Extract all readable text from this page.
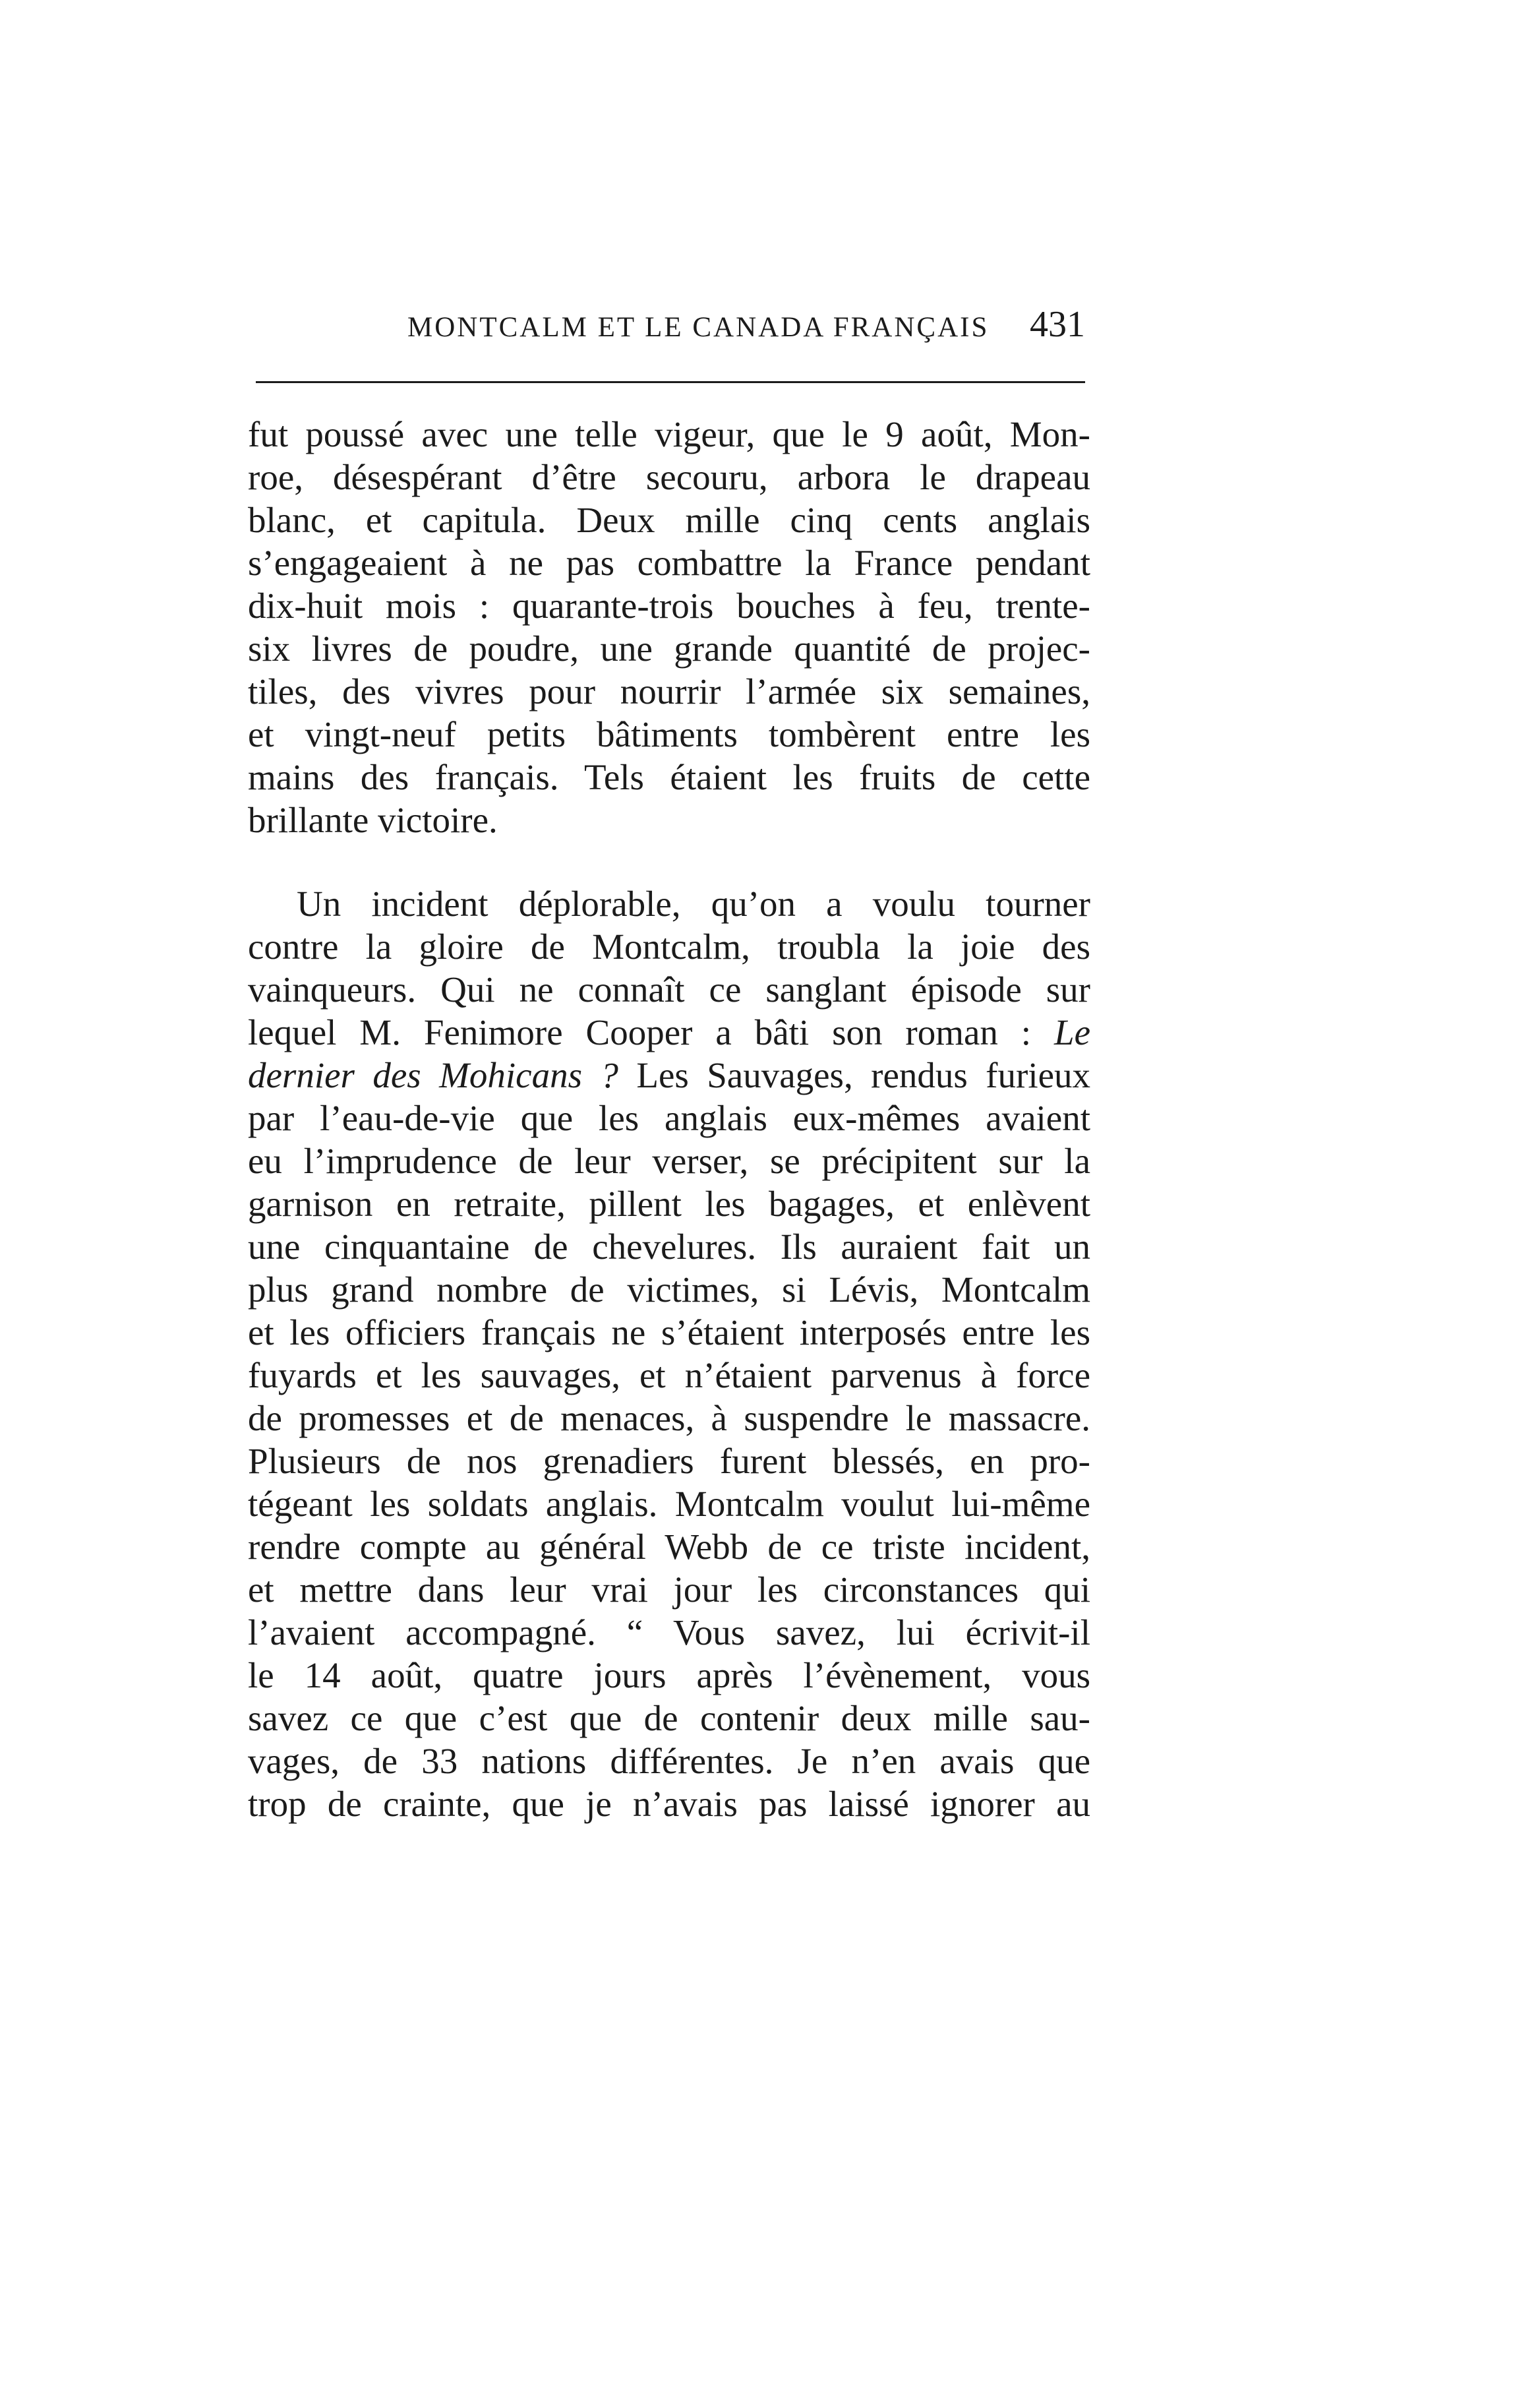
MONTCALM ET LE CANADA FRANÇAIS 431
fut poussé avec une telle vigeur, que le 9 août, Mon-
roe, désespérant d’être secouru, arbora le drapeau
blanc, et capitula. Deux mille cinq cents anglais
s’engageaient à ne pas combattre la France pendant
dix-huit mois : quarante-trois bouches à feu, trente-
six livres de poudre, une grande quantité de projec-
tiles, des vivres pour nourrir l’armée six semaines,
et vingt-neuf petits bâtiments tombèrent entre les
mains des français. Tels étaient les fruits de cette
brillante victoire.
Un incident déplorable, qu’on a voulu tourner
contre la gloire de Montcalm, troubla la joie des
vainqueurs. Qui ne connaît ce sanglant épisode sur
lequel M. Fenimore Cooper a bâti son roman : Le
dernier des Mohicans ? Les Sauvages, rendus furieux
par l’eau-de-vie que les anglais eux-mêmes avaient
eu l’imprudence de leur verser, se précipitent sur la
garnison en retraite, pillent les bagages, et enlèvent
une cinquantaine de chevelures. Ils auraient fait un
plus grand nombre de victimes, si Lévis, Montcalm
et les officiers français ne s’étaient interposés entre les
fuyards et les sauvages, et n’étaient parvenus à force
de promesses et de menaces, à suspendre le massacre.
Plusieurs de nos grenadiers furent blessés, en pro-
tégeant les soldats anglais. Montcalm voulut lui-même
rendre compte au général Webb de ce triste incident,
et mettre dans leur vrai jour les circonstances qui
l’avaient accompagné. “ Vous savez, lui écrivit-il
le 14 août, quatre jours après l’évènement, vous
savez ce que c’est que de contenir deux mille sau-
vages, de 33 nations différentes. Je n’en avais que
trop de crainte, que je n’avais pas laissé ignorer au
